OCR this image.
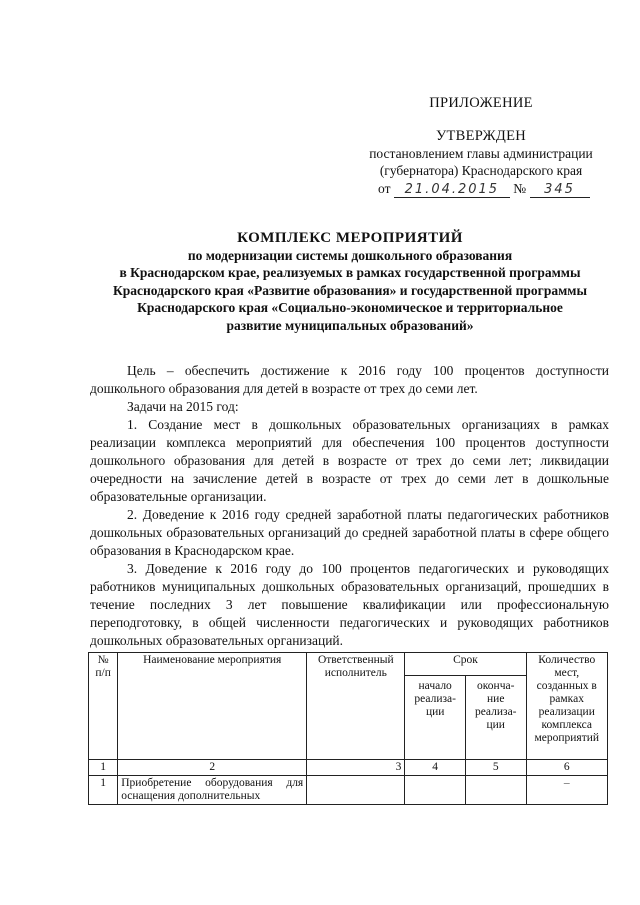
ПРИЛОЖЕНИЕ
УТВЕРЖДЕН
постановлением главы администрации
(губернатора) Краснодарского края
от 21.04.2015 № 345
КОМПЛЕКС МЕРОПРИЯТИЙ
по модернизации системы дошкольного образования
в Краснодарском крае, реализуемых в рамках государственной программы
Краснодарского края «Развитие образования» и государственной программы
Краснодарского края «Социально-экономическое и территориальное
развитие муниципальных образований»

Цель – обеспечить достижение к 2016 году 100 процентов доступности дошкольного образования для детей в возрасте от трех до семи лет.

Задачи на 2015 год:

1. Создание мест в дошкольных образовательных организациях в рамках реализации комплекса мероприятий для обеспечения 100 процентов доступности дошкольного образования для детей в возрасте от трех до семи лет; ликвидации очередности на зачисление детей в возрасте от трех до семи лет в дошкольные образовательные организации.

2. Доведение к 2016 году средней заработной платы педагогических работников дошкольных образовательных организаций до средней заработной платы в сфере общего образования в Краснодарском крае.

3. Доведение к 2016 году до 100 процентов педагогических и руководящих работников муниципальных дошкольных образовательных организаций, прошедших в течение последних 3 лет повышение квалификации или профессиональную переподготовку, в общей численности педагогических и руководящих работников дошкольных образовательных организаций.

№ п/п	Наименование мероприятия	Ответственный исполнитель	Срок		Количество мест, созданных в рамках реализации комплекса мероприятий
			начало реализа-ции	оконча-ние реализа-ции	
1	2	3	4	5	6
1	Приобретение оборудования для оснащения дополнительных				–
